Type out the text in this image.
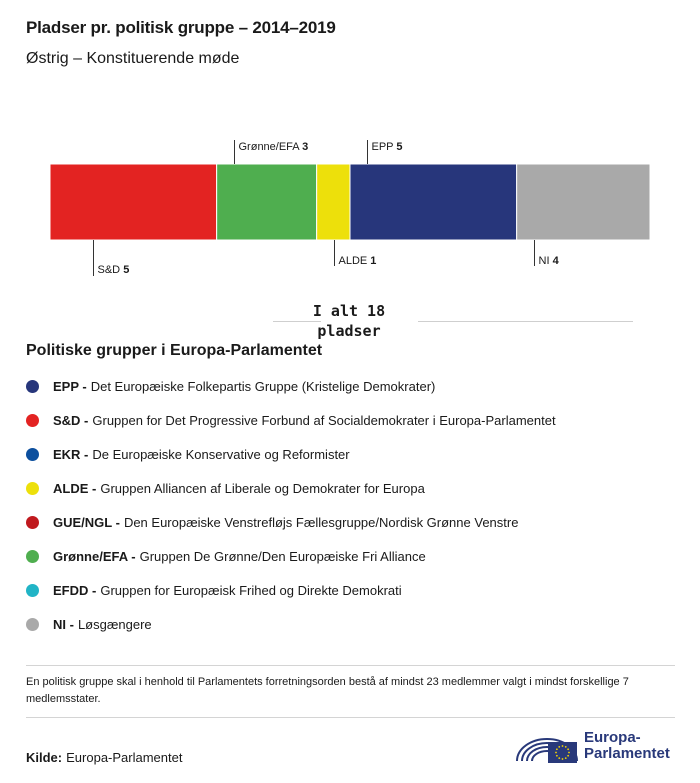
Pladser pr. politisk gruppe – 2014–2019
Østrig – Konstituerende møde
S&D 5
Grønne/EFA 3
ALDE 1
EPP 5
NI 4
I alt 18
pladser
Politiske grupper i Europa-Parlamentet
EPP - Det Europæiske Folkepartis Gruppe (Kristelige Demokrater)
S&D - Gruppen for Det Progressive Forbund af Socialdemokrater i Europa-Parlamentet
EKR - De Europæiske Konservative og Reformister
ALDE - Gruppen Alliancen af Liberale og Demokrater for Europa
GUE/NGL - Den Europæiske Venstrefløjs Fællesgruppe/Nordisk Grønne Venstre
Grønne/EFA - Gruppen De Grønne/Den Europæiske Fri Alliance
EFDD - Gruppen for Europæisk Frihed og Direkte Demokrati
NI - Løsgængere
En politisk gruppe skal i henhold til Parlamentets forretningsorden bestå af mindst 23 medlemmer valgt i mindst forskellige 7 medlemsstater.
Kilde: Europa-Parlamentet
Europa-
Parlamentet
